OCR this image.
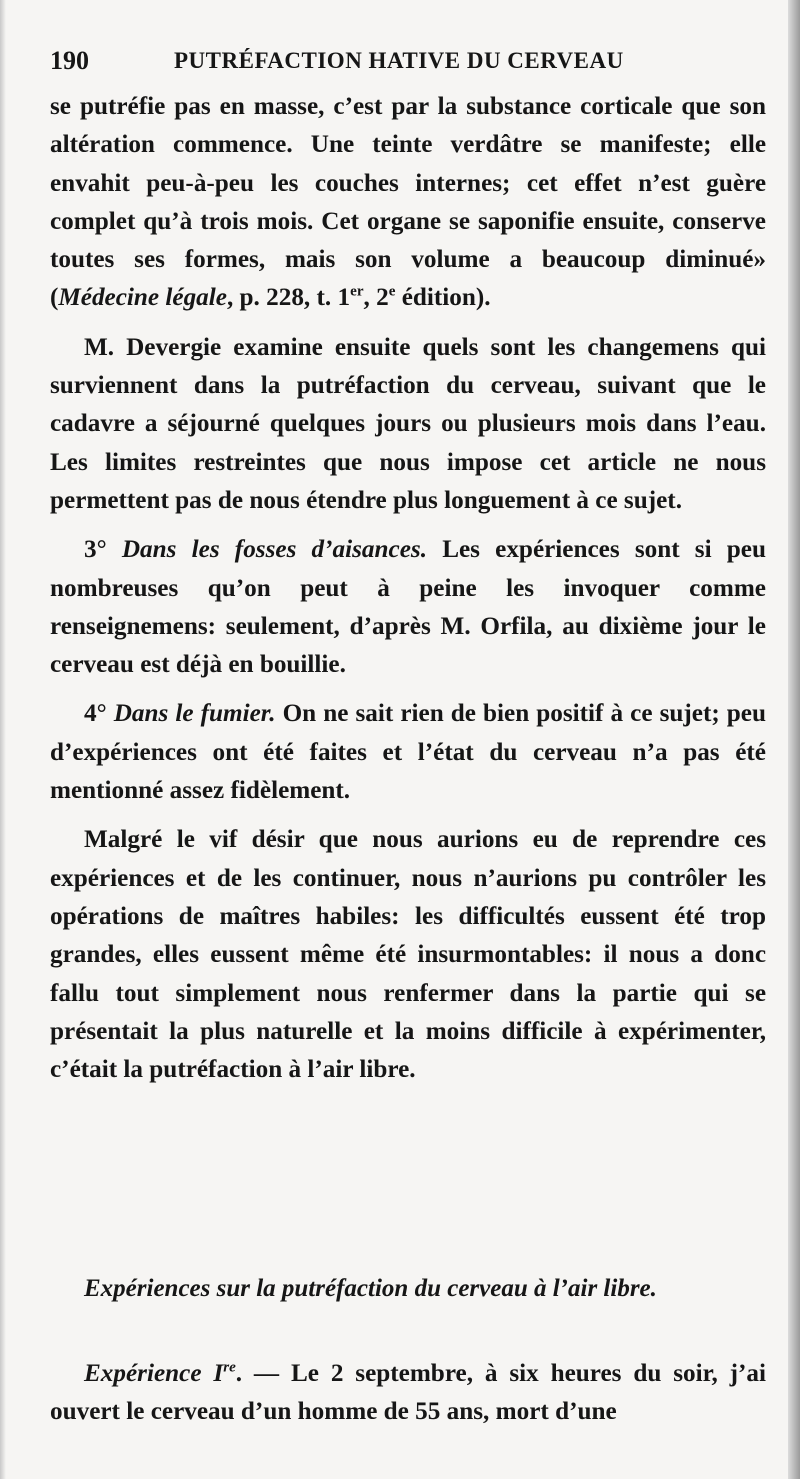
190	PUTRÉFACTION HATIVE DU CERVEAU

se putréfie pas en masse, c’est par la substance corticale que son altération commence. Une teinte verdâtre se manifeste; elle envahit peu-à-peu les couches internes; cet effet n’est guère complet qu’à trois mois. Cet organe se saponifie ensuite, conserve toutes ses formes, mais son volume a beaucoup diminué» (Médecine légale, p. 228, t. 1er, 2e édition).

M. Devergie examine ensuite quels sont les changemens qui surviennent dans la putréfaction du cerveau, suivant que le cadavre a séjourné quelques jours ou plusieurs mois dans l’eau. Les limites restreintes que nous impose cet article ne nous permettent pas de nous étendre plus longuement à ce sujet.

3° Dans les fosses d’aisances. Les expériences sont si peu nombreuses qu’on peut à peine les invoquer comme renseignemens: seulement, d’après M. Orfila, au dixième jour le cerveau est déjà en bouillie.

4° Dans le fumier. On ne sait rien de bien positif à ce sujet; peu d’expériences ont été faites et l’état du cerveau n’a pas été mentionné assez fidèlement.

Malgré le vif désir que nous aurions eu de reprendre ces expériences et de les continuer, nous n’aurions pu contrôler les opérations de maîtres habiles: les difficultés eussent été trop grandes, elles eussent même été insurmontables: il nous a donc fallu tout simplement nous renfermer dans la partie qui se présentait la plus naturelle et la moins difficile à expérimenter, c’était la putréfaction à l’air libre.

Expériences sur la putréfaction du cerveau à l’air libre.
Expérience Ire. — Le 2 septembre, à six heures du soir, j’ai ouvert le cerveau d’un homme de 55 ans, mort d’une
